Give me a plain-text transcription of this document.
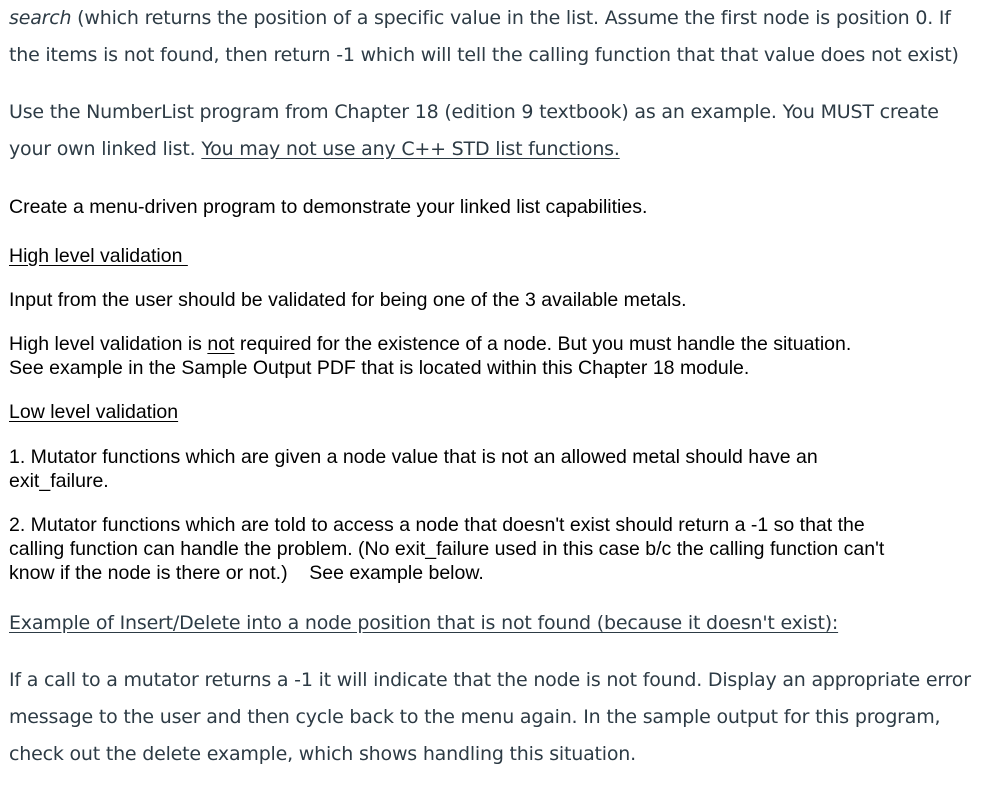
search (which returns the position of a specific value in the list. Assume the first node is position 0. If

the items is not found, then return -1 which will tell the calling function that that value does not exist)

Use the NumberList program from Chapter 18 (edition 9 textbook) as an example. You MUST create

your own linked list. You may not use any C++ STD list functions.

Create a menu-driven program to demonstrate your linked list capabilities.

High level validation

Input from the user should be validated for being one of the 3 available metals.

High level validation is not required for the existence of a node. But you must handle the situation.

See example in the Sample Output PDF that is located within this Chapter 18 module.

Low level validation

1. Mutator functions which are given a node value that is not an allowed metal should have an

exit_failure.

2. Mutator functions which are told to access a node that doesn't exist should return a -1 so that the

calling function can handle the problem. (No exit_failure used in this case b/c the calling function can't

know if the node is there or not.)    See example below.

Example of Insert/Delete into a node position that is not found (because it doesn't exist):

If a call to a mutator returns a -1 it will indicate that the node is not found. Display an appropriate error

message to the user and then cycle back to the menu again. In the sample output for this program,

check out the delete example, which shows handling this situation.
